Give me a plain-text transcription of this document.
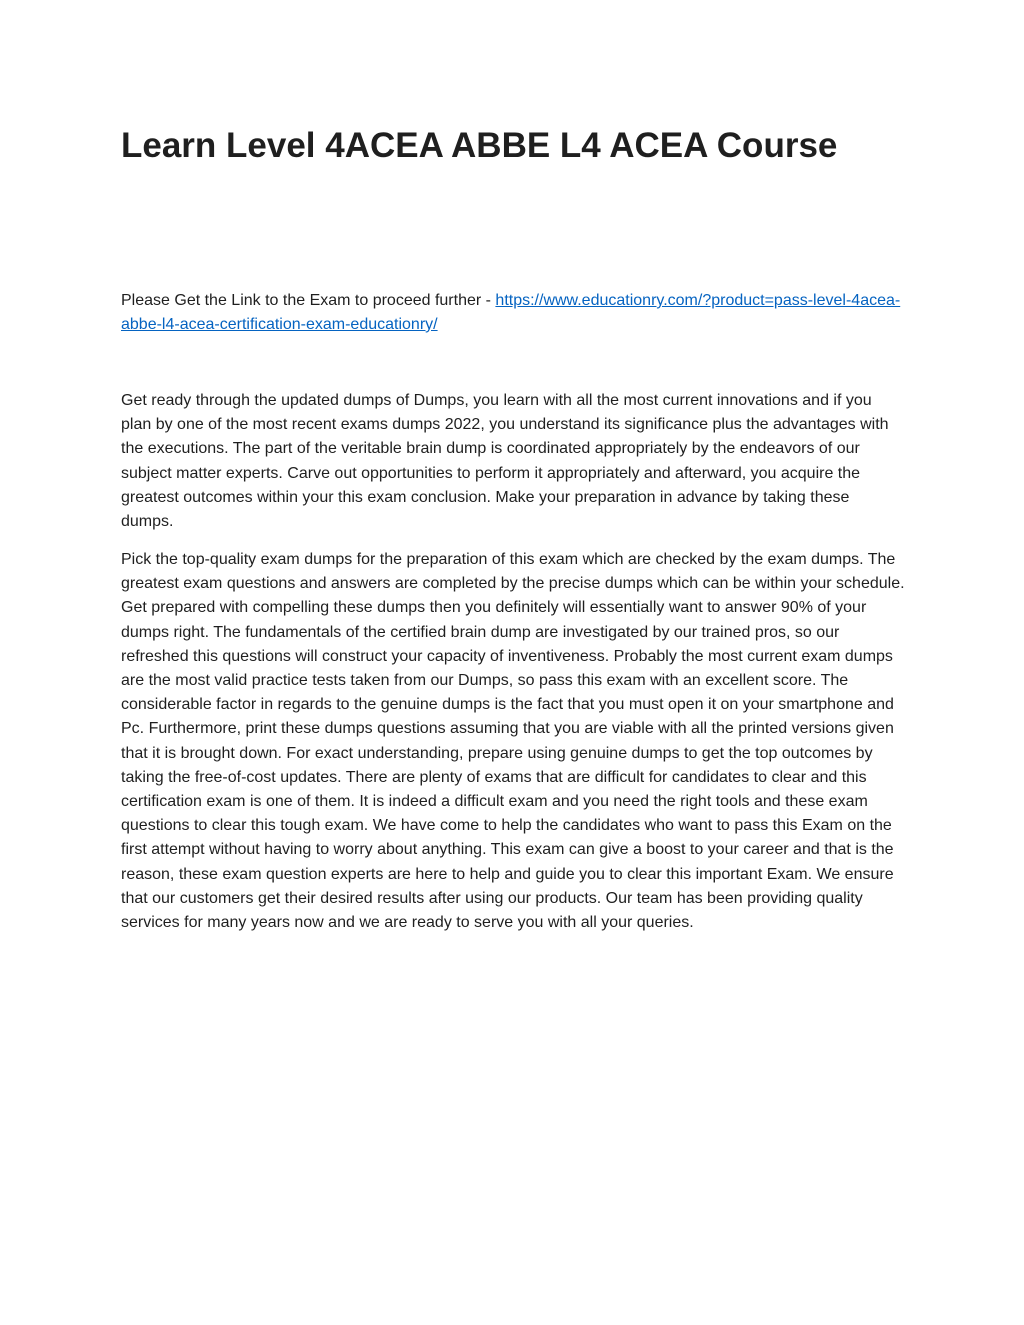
Learn Level 4ACEA ABBE L4 ACEA Course

Please Get the Link to the Exam to proceed further - https://www.educationry.com/?product=pass-level-4acea-abbe-l4-acea-certification-exam-educationry/

Get ready through the updated dumps of Dumps, you learn with all the most current innovations and if you plan by one of the most recent exams dumps 2022, you understand its significance plus the advantages with the executions. The part of the veritable brain dump is coordinated appropriately by the endeavors of our subject matter experts. Carve out opportunities to perform it appropriately and afterward, you acquire the greatest outcomes within your this exam conclusion. Make your preparation in advance by taking these dumps.

Pick the top-quality exam dumps for the preparation of this exam which are checked by the exam dumps. The greatest exam questions and answers are completed by the precise dumps which can be within your schedule. Get prepared with compelling these dumps then you definitely will essentially want to answer 90% of your dumps right. The fundamentals of the certified brain dump are investigated by our trained pros, so our refreshed this questions will construct your capacity of inventiveness. Probably the most current exam dumps are the most valid practice tests taken from our Dumps, so pass this exam with an excellent score. The considerable factor in regards to the genuine dumps is the fact that you must open it on your smartphone and Pc. Furthermore, print these dumps questions assuming that you are viable with all the printed versions given that it is brought down. For exact understanding, prepare using genuine dumps to get the top outcomes by taking the free-of-cost updates. There are plenty of exams that are difficult for candidates to clear and this certification exam is one of them. It is indeed a difficult exam and you need the right tools and these exam questions to clear this tough exam. We have come to help the candidates who want to pass this Exam on the first attempt without having to worry about anything. This exam can give a boost to your career and that is the reason, these exam question experts are here to help and guide you to clear this important Exam. We ensure that our customers get their desired results after using our products. Our team has been providing quality services for many years now and we are ready to serve you with all your queries.
